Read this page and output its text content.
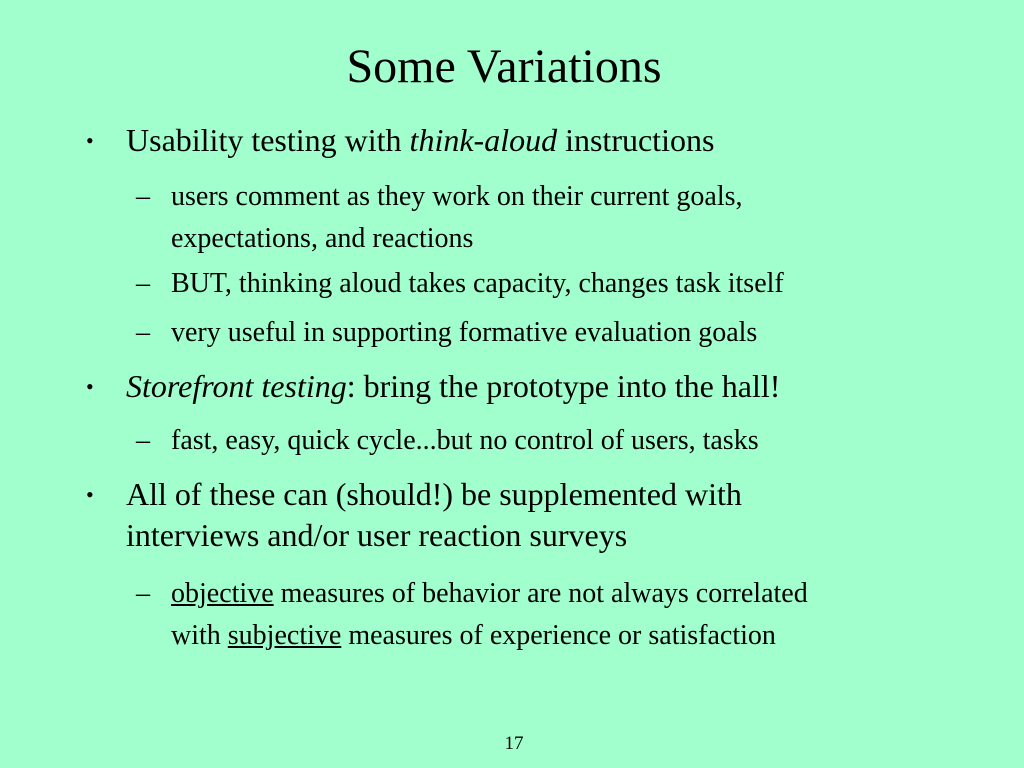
Some Variations
• Usability testing with think-aloud instructions
– users comment as they work on their current goals,
expectations, and reactions
– BUT, thinking aloud takes capacity, changes task itself
– very useful in supporting formative evaluation goals
• Storefront testing: bring the prototype into the hall!
– fast, easy, quick cycle...but no control of users, tasks
• All of these can (should!) be supplemented with
interviews and/or user reaction surveys
– objective measures of behavior are not always correlated
with subjective measures of experience or satisfaction
17
